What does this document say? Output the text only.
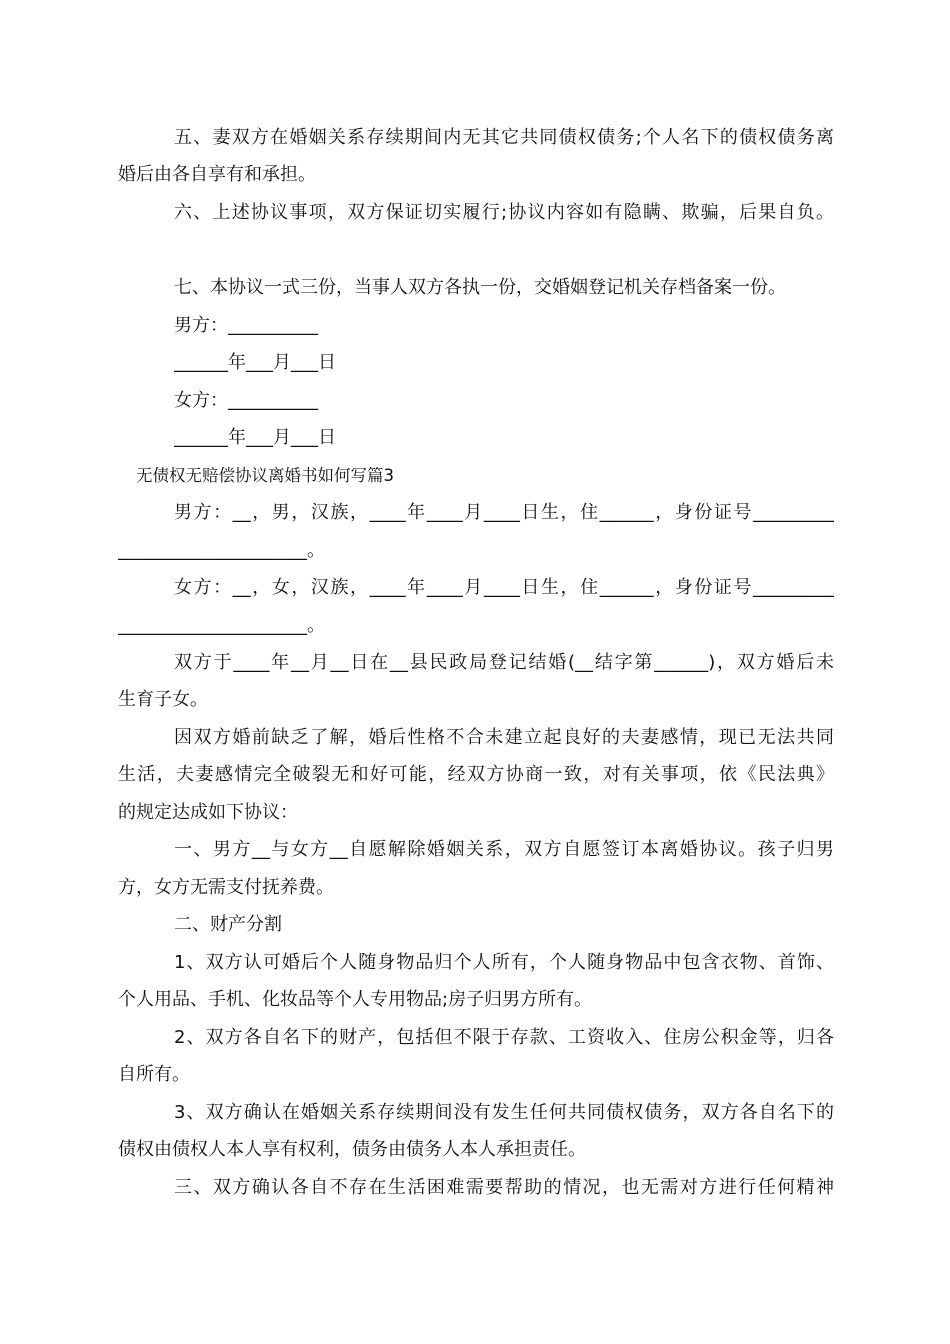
五、妻双方在婚姻关系存续期间内无其它共同债权债务;个人名下的债权债务离
婚后由各自享有和承担。
六、上述协议事项，双方保证切实履行;协议内容如有隐瞒、欺骗，后果自负。
七、本协议一式三份，当事人双方各执一份，交婚姻登记机关存档备案一份。
男方：__________
______年___月___日
女方：__________
______年___月___日
无债权无赔偿协议离婚书如何写篇3
男方：__，男，汉族，____年____月____日生，住______，身份证号_________
_____________________。
女方：__，女，汉族，____年____月____日生，住______，身份证号_________
_____________________。
双方于____年__月__日在__县民政局登记结婚(__结字第______)，双方婚后未
生育子女。
因双方婚前缺乏了解，婚后性格不合未建立起良好的夫妻感情，现已无法共同
生活，夫妻感情完全破裂无和好可能，经双方协商一致，对有关事项，依《民法典》
的规定达成如下协议：
一、男方__与女方__自愿解除婚姻关系，双方自愿签订本离婚协议。孩子归男
方，女方无需支付抚养费。
二、财产分割
1、双方认可婚后个人随身物品归个人所有，个人随身物品中包含衣物、首饰、
个人用品、手机、化妆品等个人专用物品;房子归男方所有。
2、双方各自名下的财产，包括但不限于存款、工资收入、住房公积金等，归各
自所有。
3、双方确认在婚姻关系存续期间没有发生任何共同债权债务，双方各自名下的
债权由债权人本人享有权利，债务由债务人本人承担责任。
三、双方确认各自不存在生活困难需要帮助的情况，也无需对方进行任何精神
